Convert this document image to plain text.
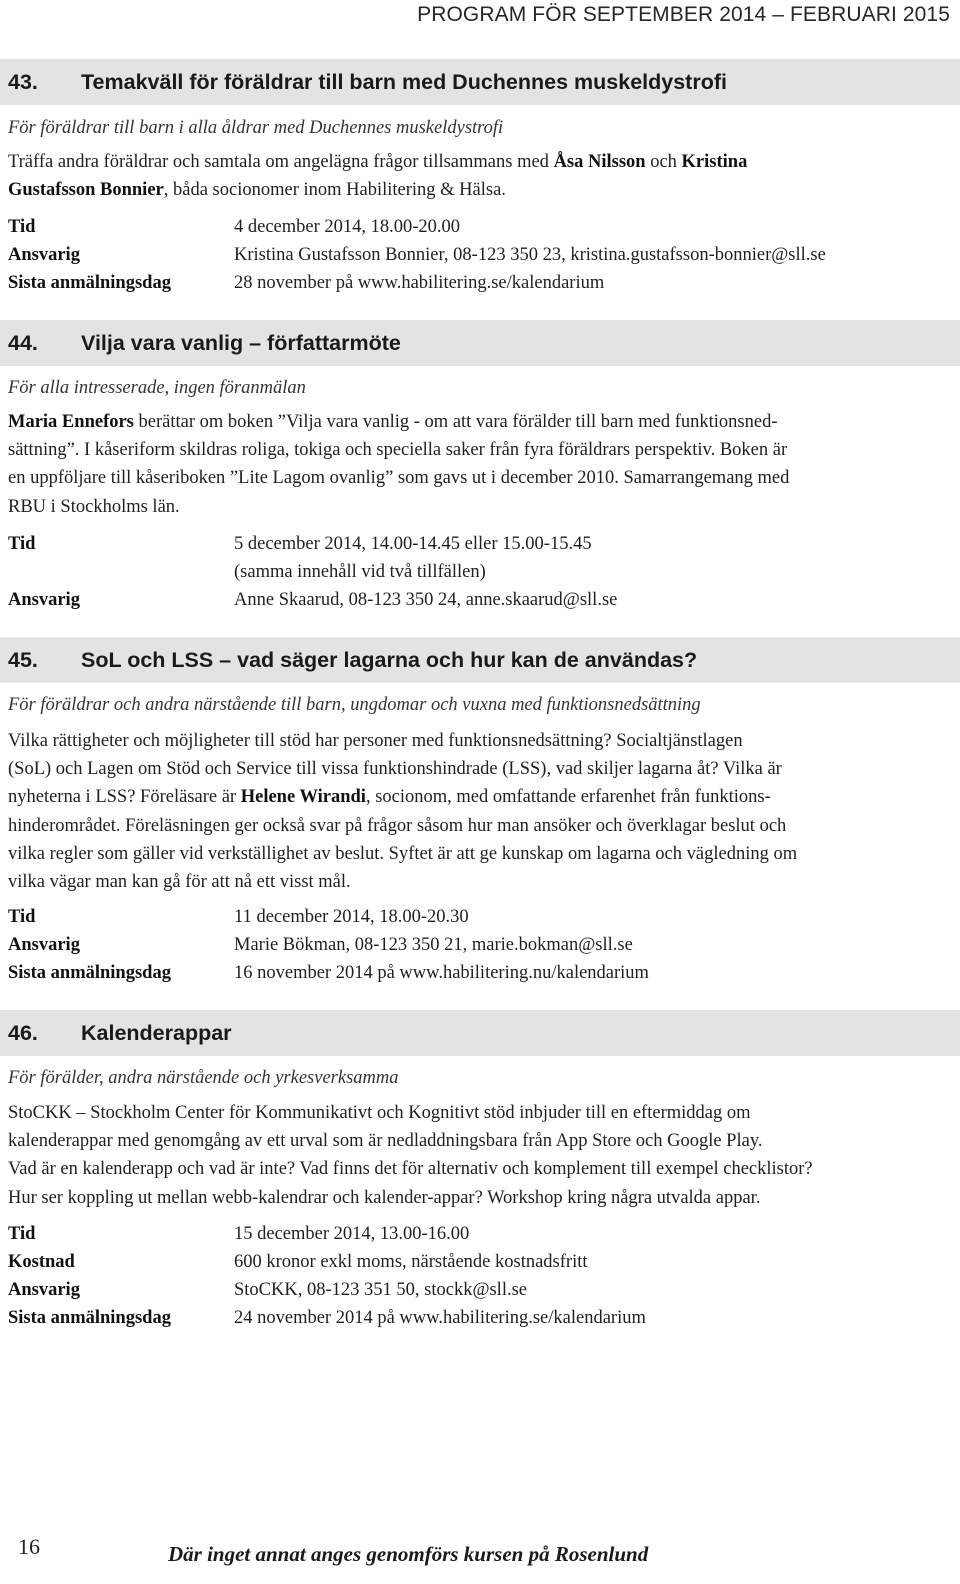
PROGRAM FÖR SEPTEMBER 2014 – FEBRUARI 2015
43. Temakväll för föräldrar till barn med Duchennes muskeldystrofi
För föräldrar till barn i alla åldrar med Duchennes muskeldystrofi
Träffa andra föräldrar och samtala om angelägna frågor tillsammans med Åsa Nilsson och Kristina
Gustafsson Bonnier, båda socionomer inom Habilitering & Hälsa.
Tid	4 december 2014, 18.00-20.00
Ansvarig	Kristina Gustafsson Bonnier, 08-123 350 23, kristina.gustafsson-bonnier@sll.se
Sista anmälningsdag	28 november på www.habilitering.se/kalendarium
44. Vilja vara vanlig – författarmöte
För alla intresserade, ingen föranmälan
Maria Ennefors berättar om boken ”Vilja vara vanlig - om att vara förälder till barn med funktionsned-
sättning”. I kåseriform skildras roliga, tokiga och speciella saker från fyra föräldrars perspektiv. Boken är
en uppföljare till kåseriboken ”Lite Lagom ovanlig” som gavs ut i december 2010. Samarrangemang med
RBU i Stockholms län.
Tid	5 december 2014, 14.00-14.45 eller 15.00-15.45
(samma innehåll vid två tillfällen)
Ansvarig	Anne Skaarud, 08-123 350 24, anne.skaarud@sll.se
45. SoL och LSS – vad säger lagarna och hur kan de användas?
För föräldrar och andra närstående till barn, ungdomar och vuxna med funktionsnedsättning
Vilka rättigheter och möjligheter till stöd har personer med funktionsnedsättning? Socialtjänstlagen
(SoL) och Lagen om Stöd och Service till vissa funktionshindrade (LSS), vad skiljer lagarna åt? Vilka är
nyheterna i LSS? Föreläsare är Helene Wirandi, socionom, med omfattande erfarenhet från funktions-
hinderområdet. Föreläsningen ger också svar på frågor såsom hur man ansöker och överklagar beslut och
vilka regler som gäller vid verkställighet av beslut. Syftet är att ge kunskap om lagarna och vägledning om
vilka vägar man kan gå för att nå ett visst mål.
Tid	11 december 2014, 18.00-20.30
Ansvarig	Marie Bökman, 08-123 350 21, marie.bokman@sll.se
Sista anmälningsdag	16 november 2014 på www.habilitering.nu/kalendarium
46. Kalenderappar
För förälder, andra närstående och yrkesverksamma
StoCKK – Stockholm Center för Kommunikativt och Kognitivt stöd inbjuder till en eftermiddag om
kalenderappar med genomgång av ett urval som är nedladdningsbara från App Store och Google Play.
Vad är en kalenderapp och vad är inte? Vad finns det för alternativ och komplement till exempel checklistor?
Hur ser koppling ut mellan webb-kalendrar och kalender-appar? Workshop kring några utvalda appar.
Tid	15 december 2014, 13.00-16.00
Kostnad	600 kronor exkl moms, närstående kostnadsfritt
Ansvarig	StoCKK, 08-123 351 50, stockk@sll.se
Sista anmälningsdag	24 november 2014 på www.habilitering.se/kalendarium
16	Där inget annat anges genomförs kursen på Rosenlund
